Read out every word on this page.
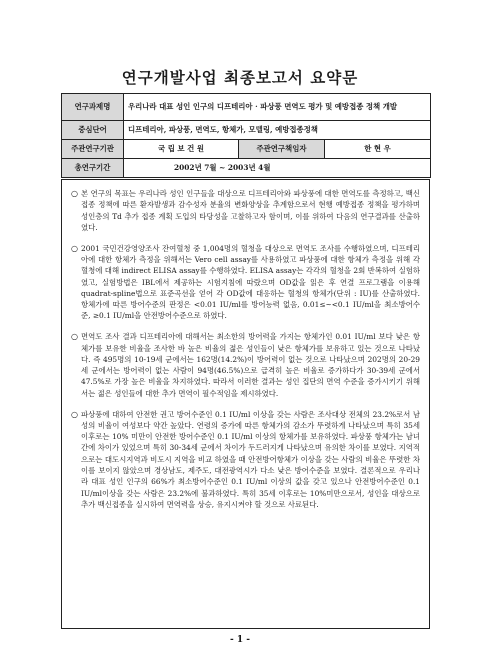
연구개발사업 최종보고서 요약문
연구과제명	우리나라 대표 성인 인구의 디프테리아 · 파상풍 면역도 평가 및 예방접종 정책 개발		
중심단어	디프테리아, 파상풍, 면역도, 항체가, 모델링, 예방접종정책		
주관연구기관	국 립 보 건 원	주관연구책임자	한 현 우
총연구기간	2002년 7월 ~ 2003년 4월		
○ 본 연구의 목표는 우리나라 성인 인구들을 대상으로 디프테리아와 파상풍에 대한 면역도를 측정하고, 백신접종 정책에 따른 환자발생과 감수성자 분율의 변화양상을 추계함으로서 현행 예방접종 정책을 평가하며 성인층의 Td 추가 접종 계획 도입의 타당성을 고찰하고자 함이며, 이를 위하여 다음의 연구결과를 산출하였다.
○ 2001 국민건강영양조사 잔여혈청 중 1,004명의 혈청을 대상으로 면역도 조사를 수행하였으며, 디프테리아에 대한 항체가 측정을 위해서는 Vero cell assay를 사용하였고 파상풍에 대한 항체가 측정을 위해 각 혈청에 대해 indirect ELISA assay를 수행하였다. ELISA assay는 각각의 혈청을 2회 반복하여 실험하였고, 실험방법은 IBL에서 제공하는 시험지침에 따랐으며 OD값을 읽은 후 연결 프로그램을 이용해 quadrat-spline법으로 표준곡선을 얻어 각 OD값에 대응하는 혈청의 항체가(단위 : IU)를 산출하였다. 항체가에 따른 방어수준의 판정은 <0.01 IU/ml를 방어능력 없음, 0.01≤~<0.1 IU/ml을 최소방어수준, ≥0.1 IU/ml을 안전방어수준으로 하였다.
○ 면역도 조사 결과 디프테리아에 대해서는 최소한의 방어력을 가지는 항체가인 0.01 IU/ml 보다 낮은 항체가를 보유한 비율을 조사한 바 높은 비율의 젊은 성인들이 낮은 항체가를 보유하고 있는 것으로 나타났다. 즉 495명의 10-19세 군에서는 162명(14.2%)이 방어력이 없는 것으로 나타났으며 202명의 20-29세 군에서는 방어력이 없는 사람이 94명(46.5%)으로 급격히 높은 비율로 증가하다가 30-39세 군에서 47.5%로 가장 높은 비율을 차지하였다. 따라서 이러한 결과는 성인 집단의 면역 수준을 증가시키기 위해서는 젊은 성인들에 대한 추가 면역이 필수적임을 제시하였다.
○ 파상풍에 대하여 안전한 권고 방어수준인 0.1 IU/ml 이상을 갖는 사람은 조사대상 전체의 23.2%로서 남성의 비율이 여성보다 약간 높았다. 연령의 증가에 따른 항체가의 감소가 뚜렷하게 나타났으며 특히 35세 이후로는 10% 미만이 안전한 방어수준인 0.1 IU/ml 이상의 항체가를 보유하였다. 파상풍 항체가는 남녀간에 차이가 있었으며 특히 30-34세 군에서 차이가 두드러지게 나타났으며 유의한 차이를 보였다. 지역적으로는 대도시지역과 비도시 지역을 비교 하였을 때 안전방어항체가 이상을 갖는 사람의 비율은 뚜렷한 차이를 보이지 않았으며 경상남도, 제주도, 대전광역시가 다소 낮은 방어수준을 보였다. 결론적으로 우리나라 대표 성인 인구의 66%가 최소방어수준인 0.1 IU/ml 이상의 값을 갖고 있으나 안전방어수준인 0.1 IU/ml이상을 갖는 사람은 23.2%에 불과하였다. 특히 35세 이후로는 10%미만으로서, 성인을 대상으로 추가 백신접종을 실시하여 면역력을 상승, 유지시켜야 할 것으로 사료된다.
- 1 -
